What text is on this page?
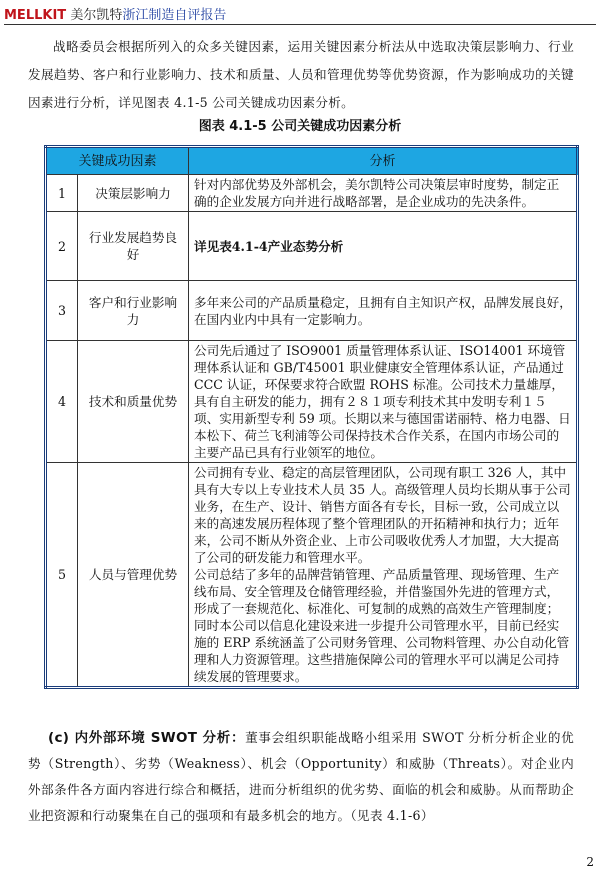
MELLKIT 美尔凯特浙江制造自评报告
战略委员会根据所列入的众多关键因素，运用关键因素分析法从中选取决策层影响力、行业发展趋势、客户和行业影响力、技术和质量、人员和管理优势等优势资源，作为影响成功的关键因素进行分析，详见图表 4.1-5 公司关键成功因素分析。
图表 4.1-5 公司关键成功因素分析
关键成功因素		分析
1	决策层影响力	针对内部优势及外部机会，美尔凯特公司决策层审时度势，制定正确的企业发展方向并进行战略部署，是企业成功的先决条件。
2	行业发展趋势良好	详见表4.1-4产业态势分析
3	客户和行业影响力	多年来公司的产品质量稳定，且拥有自主知识产权，品牌发展良好，　　在国内业内中具有一定影响力。
4	技术和质量优势	公司先后通过了 ISO9001 质量管理体系认证、ISO14001 环境管理体系认证和 GB/T45001 职业健康安全管理体系认证，产品通过 CCC 认证，环保要求符合欧盟 ROHS 标准。公司技术力量雄厚，具有自主研发的能力，拥有２８１项专利技术其中发明专利１５项、实用新型专利 59 项。长期以来与德国雷诺丽特、格力电器、日本松下、荷兰飞利浦等公司保持技术合作关系，在国内市场公司的主要产品已具有行业领军的地位。
5	人员与管理优势	公司拥有专业、稳定的高层管理团队，公司现有职工 326 人，其中具有大专以上专业技术人员 35 人。高级管理人员均长期从事于公司业务，在生产、设计、销售方面各有专长，目标一致，公司成立以来的高速发展历程体现了整个管理团队的开拓精神和执行力；近年来，公司不断从外资企业、上市公司吸收优秀人才加盟，大大提高了公司的研发能力和管理水平。
公司总结了多年的品牌营销管理、产品质量管理、现场管理、生产线布局、安全管理及仓储管理经验，并借鉴国外先进的管理方式，形成了一套规范化、标准化、可复制的成熟的高效生产管理制度；同时本公司以信息化建设来进一步提升公司管理水平，目前已经实施的 ERP 系统涵盖了公司财务管理、公司物料管理、办公自动化管理和人力资源管理。这些措施保障公司的管理水平可以满足公司持续发展的管理要求。
(c) 内外部环境 SWOT 分析：董事会组织职能战略小组采用 SWOT 分析分析企业的优势（Strength）、劣势（Weakness）、机会（Opportunity）和威胁（Threats）。对企业内外部条件各方面内容进行综合和概括，进而分析组织的优劣势、面临的机会和威胁。从而帮助企业把资源和行动聚集在自己的强项和有最多机会的地方。（见表 4.1-6）
2
